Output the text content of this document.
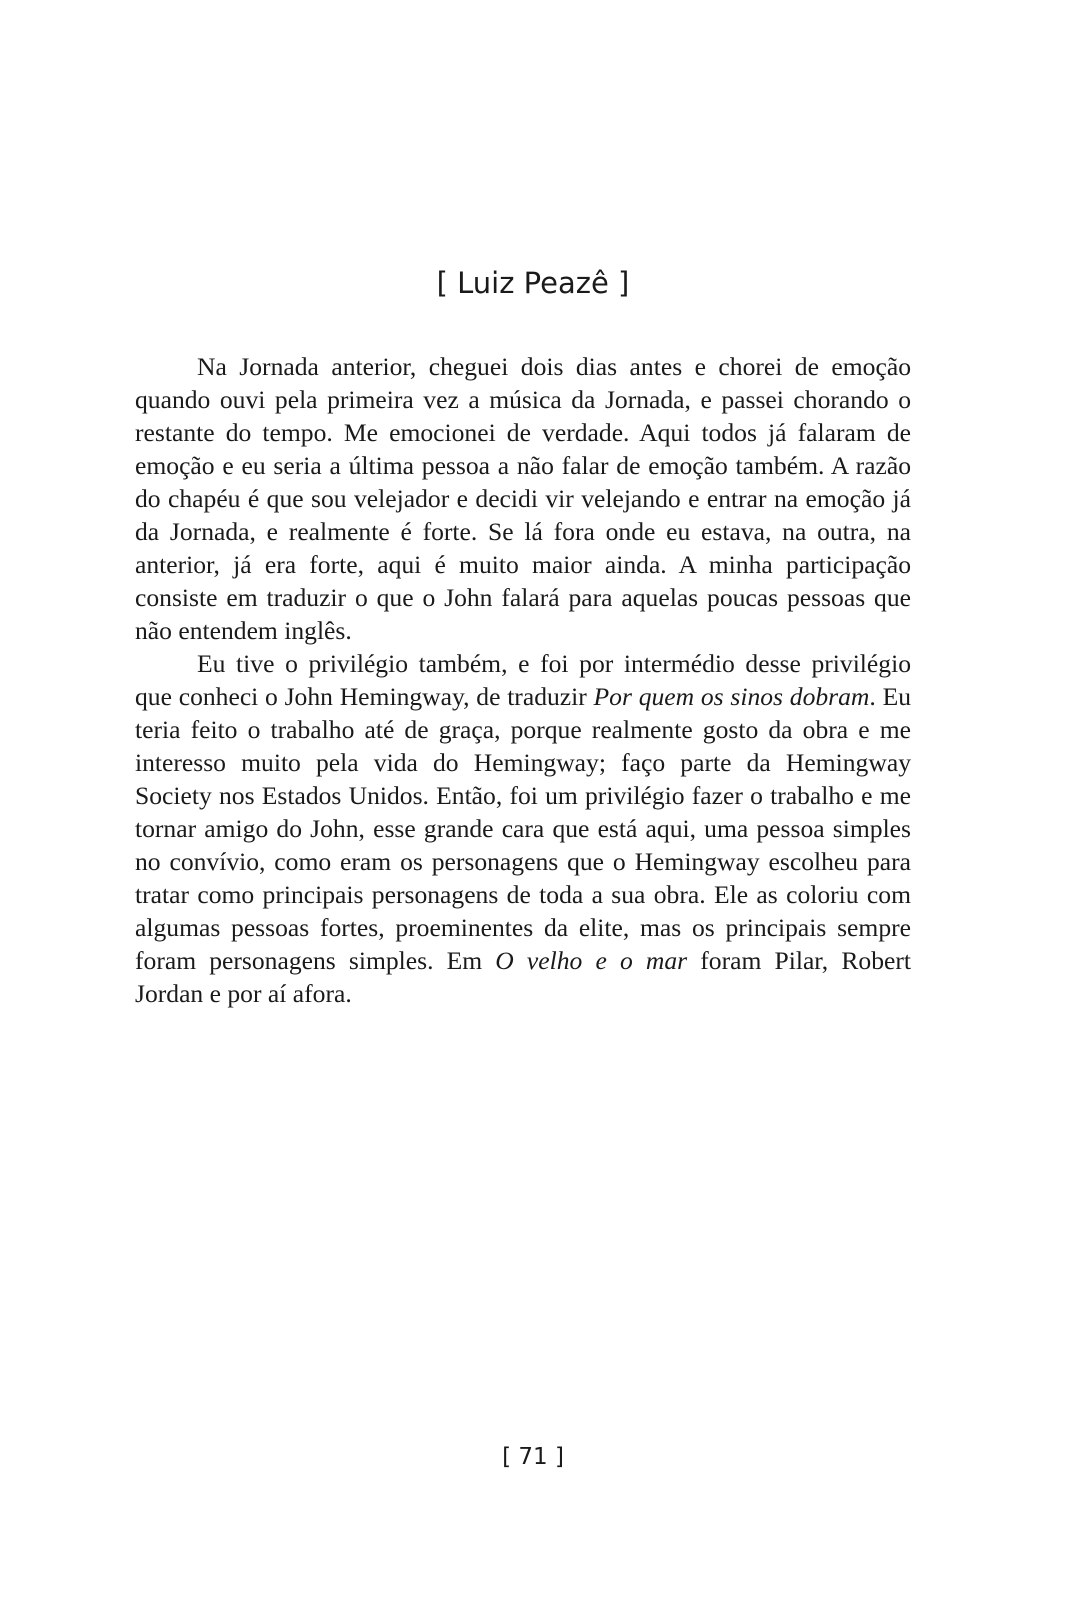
[ Luiz Peazê ]

Na Jornada anterior, cheguei dois dias antes e chorei de emoção quando ouvi pela primeira vez a música da Jornada, e passei chorando o restante do tempo. Me emocionei de verdade. Aqui todos já falaram de emoção e eu seria a última pessoa a não falar de emoção também. A razão do chapéu é que sou velejador e decidi vir velejando e entrar na emoção já da Jornada, e realmente é forte. Se lá fora onde eu estava, na outra, na anterior, já era forte, aqui é muito maior ainda. A minha participação consiste em traduzir o que o John falará para aquelas poucas pessoas que não entendem inglês.

Eu tive o privilégio também, e foi por intermédio desse privilégio que conheci o John Hemingway, de traduzir Por quem os sinos dobram. Eu teria feito o trabalho até de graça, porque realmente gosto da obra e me interesso muito pela vida do Hemingway; faço parte da Hemingway Society nos Estados Unidos. Então, foi um privilégio fazer o trabalho e me tornar amigo do John, esse grande cara que está aqui, uma pessoa simples no convívio, como eram os personagens que o Hemingway escolheu para tratar como principais personagens de toda a sua obra. Ele as coloriu com algumas pessoas fortes, proeminentes da elite, mas os principais sempre foram personagens simples. Em O velho e o mar foram Pilar, Robert Jordan e por aí afora.

[ 71 ]
